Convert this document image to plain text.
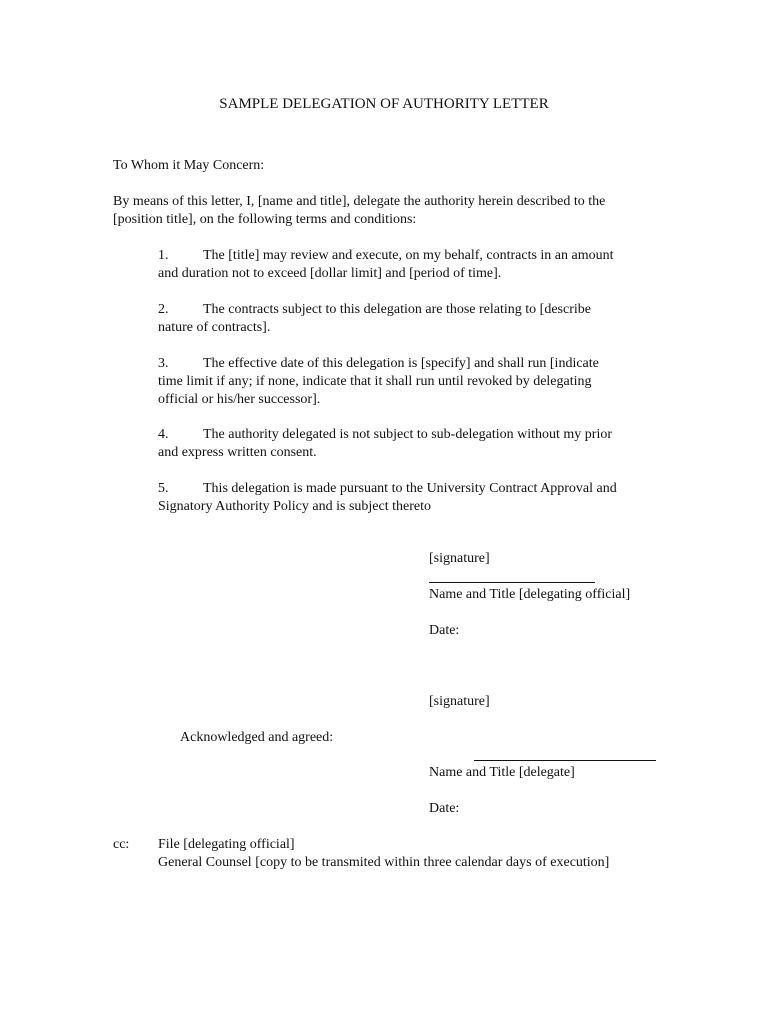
SAMPLE DELEGATION OF AUTHORITY LETTER
To Whom it May Concern:
By means of this letter, I, [name and title], delegate the authority herein described to the
[position title], on the following terms and conditions:
1. The [title] may review and execute, on my behalf, contracts in an amount
and duration not to exceed [dollar limit] and [period of time].
2. The contracts subject to this delegation are those relating to [describe
nature of contracts].
3. The effective date of this delegation is [specify] and shall run [indicate
time limit if any; if none, indicate that it shall run until revoked by delegating
official or his/her successor].
4. The authority delegated is not subject to sub-delegation without my prior
and express written consent.
5. This delegation is made pursuant to the University Contract Approval and
Signatory Authority Policy and is subject thereto
[signature]
Name and Title [delegating official]
Date:
[signature]
Acknowledged and agreed:
Name and Title [delegate]
Date:
cc: File [delegating official]
General Counsel [copy to be transmited within three calendar days of execution]
